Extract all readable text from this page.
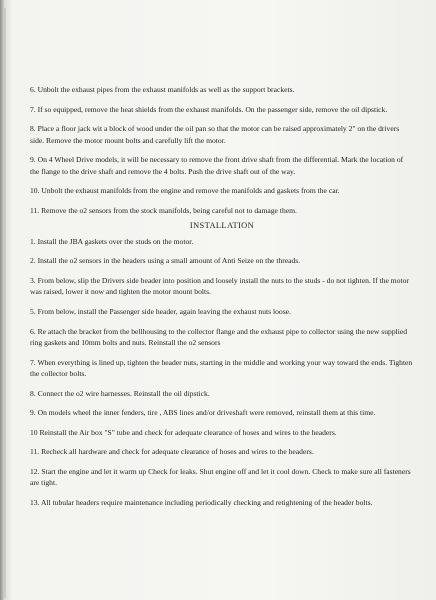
6. Unbolt the exhaust pipes from the exhaust manifolds as well as the support brackets.

7. If so equipped, remove the heat shields from the exhaust manifolds. On the passenger side, remove the oil dipstick.

8. Place a floor jack wit a block of wood under the oil pan so that the motor can be raised approximately 2" on the drivers side. Remove the motor mount bolts and carefully lift the motor.

9. On 4 Wheel Drive models, it will be necessary to remove the front drive shaft from the differential. Mark the location of the flange to the drive shaft and remove the 4 bolts. Push the drive shaft out of the way.

10. Unbolt the exhaust manifolds from the engine and remove the manifolds and gaskets from the car.

11. Remove the o2 sensors from the stock manifolds, being careful not to damage them.

INSTALLATION

1. Install the JBA gaskets over the studs on the motor.

2. Install the o2 sensors in the headers using a small amount of Anti Seize on the threads.

3. From below, slip the Drivers side header into position and loosely install the nuts to the studs - do not tighten. If the motor was raised, lower it now and tighten the motor mount bolts.

5. From below, install the Passenger side header, again leaving the exhaust nuts loose.

6. Re attach the bracket from the bellhousing to the collector flange and the exhaust pipe to collector using the new supplied ring gaskets and 10mm bolts and nuts. Reinstall the o2 sensors

7. When everything is lined up, tighten the header nuts, starting in the middle and working your way toward the ends. Tighten the collector bolts.

8. Connect the o2 wire harnesses. Reinstall the oil dipstick.

9. On models wheel the inner fenders, tire , ABS lines and/or driveshaft were removed, reinstall them at this time.

10 Reinstall the Air box "S" tube and check for adequate clearance of hoses and wires to the headers.

11. Recheck all hardware and check for adequate clearance of hoses and wires to the headers.

12. Start the engine and let it warm up Check for leaks. Shut engine off and let it cool down. Check to make sure all fasteners are tight.

13. All tubular headers require maintenance including periodically checking and retightening of the header bolts.
